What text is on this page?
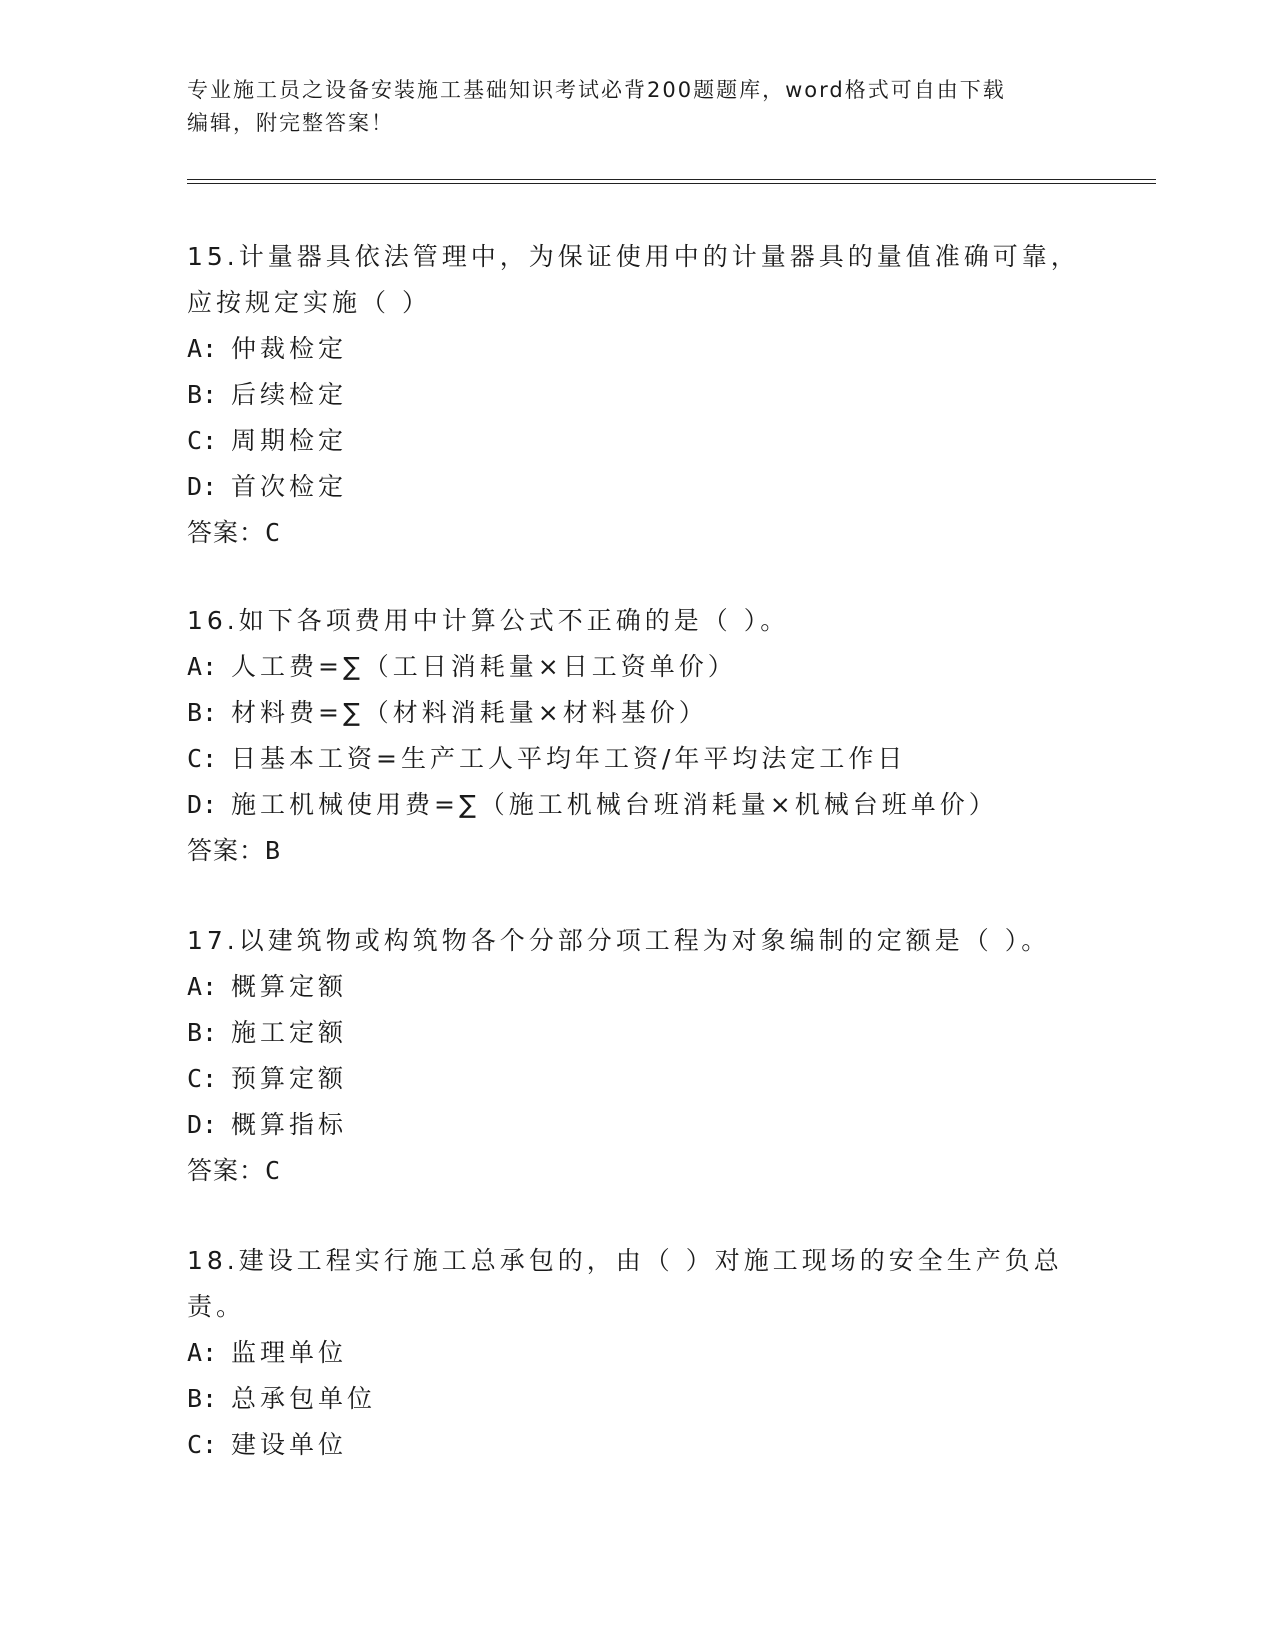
专业施工员之设备安装施工基础知识考试必背200题题库，word格式可自由下载
编辑，附完整答案！
15.计量器具依法管理中，为保证使用中的计量器具的量值准确可靠，
应按规定实施（ ）
A: 仲裁检定
B: 后续检定
C: 周期检定
D: 首次检定
答案：C
16.如下各项费用中计算公式不正确的是（ ）。
A: 人工费=∑（工日消耗量×日工资单价）
B: 材料费=∑（材料消耗量×材料基价）
C: 日基本工资=生产工人平均年工资/年平均法定工作日
D: 施工机械使用费=∑（施工机械台班消耗量×机械台班单价）
答案：B
17.以建筑物或构筑物各个分部分项工程为对象编制的定额是（ ）。
A: 概算定额
B: 施工定额
C: 预算定额
D: 概算指标
答案：C
18.建设工程实行施工总承包的，由（ ）对施工现场的安全生产负总
责。
A: 监理单位
B: 总承包单位
C: 建设单位
